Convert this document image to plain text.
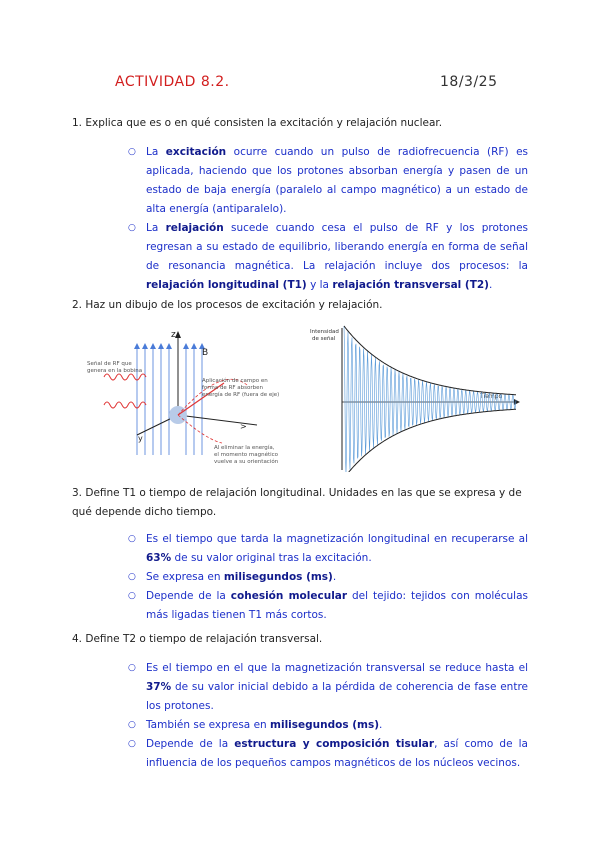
ACTIVIDAD 8.2.	18/3/25
1. Explica que es o en qué consisten la excitación y relajación nuclear.
○ La excitación ocurre cuando un pulso de radiofrecuencia (RF) es aplicada, haciendo que los protones absorban energía y pasen de un estado de baja energía (paralelo al campo magnético) a un estado de alta energía (antiparalelo).
○ La relajación sucede cuando cesa el pulso de RF y los protones regresan a su estado de equilibrio, liberando energía en forma de señal de resonancia magnética. La relajación incluye dos procesos: la relajación longitudinal (T1) y la relajación transversal (T2).
2. Haz un dibujo de los procesos de excitación y relajación.
z
B
y
>
Señal de RF que
genera en la bobina
Aplicación de campo en
forma de RF absorben
energía de RF (fuera de eje)
Al eliminar la energía,
el momento magnético
vuelve a su orientación
Intensidad
de señal
Tiempo
3. Define T1 o tiempo de relajación longitudinal. Unidades en las que se expresa y de qué depende dicho tiempo.
○ Es el tiempo que tarda la magnetización longitudinal en recuperarse al 63% de su valor original tras la excitación.
○ Se expresa en milisegundos (ms).
○ Depende de la cohesión molecular del tejido: tejidos con moléculas más ligadas tienen T1 más cortos.
4. Define T2 o tiempo de relajación transversal.
○ Es el tiempo en el que la magnetización transversal se reduce hasta el 37% de su valor inicial debido a la pérdida de coherencia de fase entre los protones.
○ También se expresa en milisegundos (ms).
○ Depende de la estructura y composición tisular, así como de la influencia de los pequeños campos magnéticos de los núcleos vecinos.
